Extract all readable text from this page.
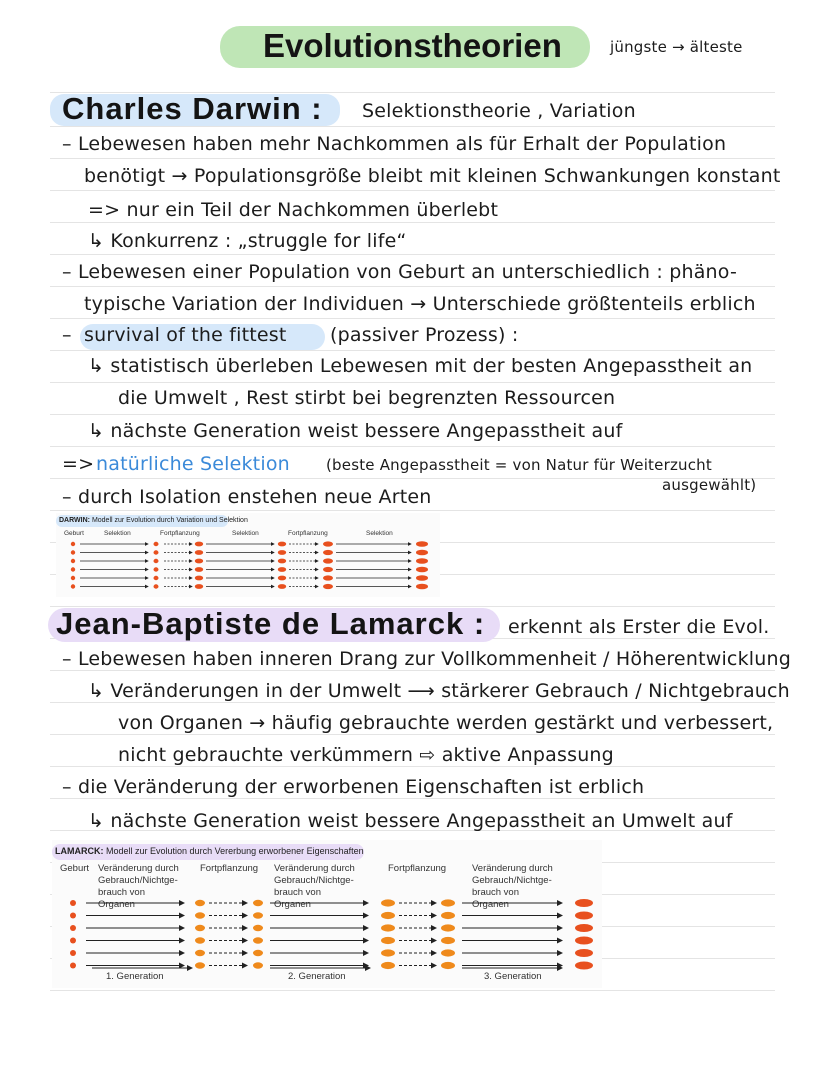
Evolutionstheorien	jüngste → älteste
Charles Darwin : Selektionstheorie , Variation
– Lebewesen haben mehr Nachkommen als für Erhalt der Population
benötigt → Populationsgröße bleibt mit kleinen Schwankungen konstant
=> nur ein Teil der Nachkommen überlebt
↳ Konkurrenz : „struggle for life“
– Lebewesen einer Population von Geburt an unterschiedlich : phäno-
typische Variation der Individuen → Unterschiede größtenteils erblich
– survival of the fittest (passiver Prozess) :
↳ statistisch überleben Lebewesen mit der besten Angepasstheit an
die Umwelt , Rest stirbt bei begrenzten Ressourcen
↳ nächste Generation weist bessere Angepasstheit auf
=> natürliche Selektion (beste Angepasstheit = von Natur für Weiterzucht
ausgewählt)
– durch Isolation enstehen neue Arten
DARWIN: Modell zur Evolution durch Variation und Selektion
Geburt	Selektion	Fortpflanzung	Selektion	Fortpflanzung	Selektion
Jean-Baptiste de Lamarck : erkennt als Erster die Evol.
– Lebewesen haben inneren Drang zur Vollkommenheit / Höherentwicklung
↳ Veränderungen in der Umwelt ⟶ stärkerer Gebrauch / Nichtgebrauch
von Organen → häufig gebrauchte werden gestärkt und verbessert,
nicht gebrauchte verkümmern ⇨ aktive Anpassung
– die Veränderung der erworbenen Eigenschaften ist erblich
↳ nächste Generation weist bessere Angepasstheit an Umwelt auf
LAMARCK: Modell zur Evolution durch Vererbung erworbener Eigenschaften
Geburt Veränderung durch Gebrauch/Nichtge-brauch von Organen
Fortpflanzung	Veränderung durch Gebrauch/Nichtge-brauch von Organen
Fortpflanzung	Veränderung durch Gebrauch/Nichtge-brauch von Organen
1. Generation	2. Generation	3. Generation
